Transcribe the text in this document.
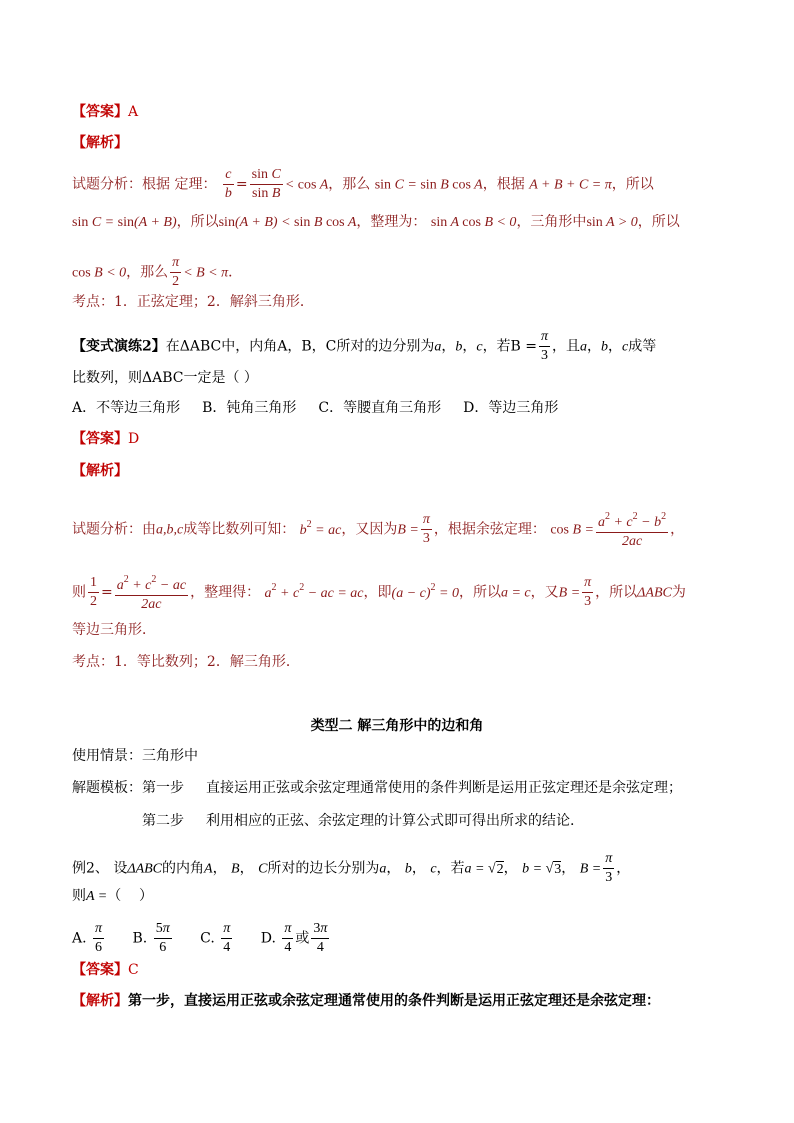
【答案】A
【解析】
试题分析：根据 定理： $\frac{c}{b} = \frac{\text{sin C}}{\text{sin B}} < \cos A$，那么 sin C = sin B cos A，根据 A + B + C = π，所以
sin C = sin(A + B)，所以sin(A + B) < sin B cos A，整理为： sin A cos B < 0，三角形中sin A > 0，所以
cos B < 0，那么 $\frac{\pi}{2} < B < \pi$．
考点：1．正弦定理；2．解斜三角形．
【变式演练2】在ΔABC中，内角A，B，C所对的边分别为a，b，c，若$B = \frac{\pi}{3}$ ，且a，b，c成等
比数列，则ΔABC一定是（ ）
A．不等边三角形 B．钝角三角形 C．等腰直角三角形 D．等边三角形
【答案】D
【解析】
试题分析：由a,b,c成等比数列可知： $b^2$ = ac，又因为$B = \frac{\pi}{3}$ ，根据余弦定理： $\cos B = \frac{a^2 + c^2 - b^2}{2ac}$ ，
则 $\frac{1}{2} = \frac{a^2 + c^2 - ac}{2ac}$ ，整理得： $a^2 + c^2$ − ac = ac，即$(a - c)^2 = 0$，所以a = c，又$B = \frac{\pi}{3}$ ，所以ΔABC为
等边三角形．
考点：1．等比数列；2．解三角形．
类型二 解三角形中的边和角
使用情景：三角形中
解题模板：第一步 直接运用正弦或余弦定理通常使用的条件判断是运用正弦定理还是余弦定理；
第二步 利用相应的正弦、余弦定理的计算公式即可得出所求的结论.
例2、 设ΔABC的内角A， B， C所对的边长分别为a， b， c，若a = √2， b = √3， $B = \frac{\pi}{3}$ ，
则A =（    ）
A. $\frac{\pi}{6} B$. $\frac{5\pi}{6} C$. $\frac{\pi}{4} D$. $\frac{\pi}{4}$ 或 $\frac{3\pi}{4}$
【答案】C
【解析】第一步，直接运用正弦或余弦定理通常使用的条件判断是运用正弦定理还是余弦定理：
